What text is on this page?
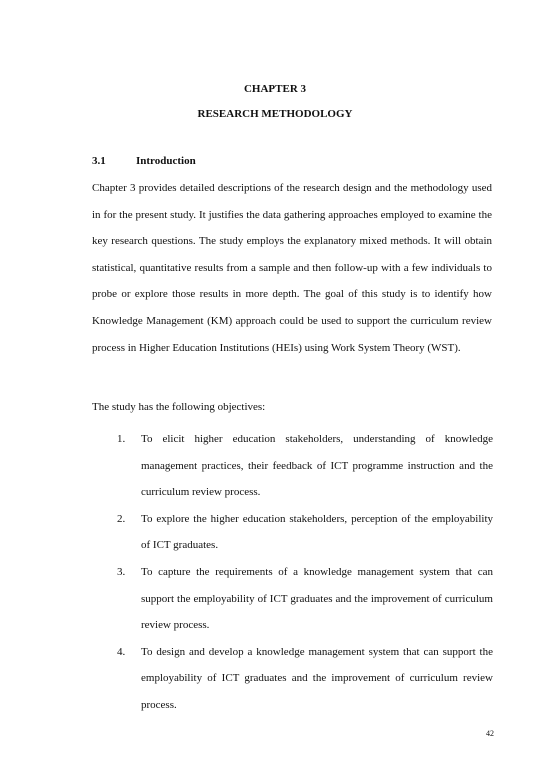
CHAPTER 3
RESEARCH METHODOLOGY
3.1	Introduction

Chapter 3 provides detailed descriptions of the research design and the methodology used in for the present study. It justifies the data gathering approaches employed to examine the key research questions. The study employs the explanatory mixed methods. It will obtain statistical, quantitative results from a sample and then follow-up with a few individuals to probe or explore those results in more depth. The goal of this study is to identify how Knowledge Management (KM) approach could be used to support the curriculum review process in Higher Education Institutions (HEIs) using Work System Theory (WST).

The study has the following objectives:

1. To elicit higher education stakeholders, understanding of knowledge management practices, their feedback of ICT programme instruction and the curriculum review process.
2. To explore the higher education stakeholders, perception of the employability of ICT graduates.
3. To capture the requirements of a knowledge management system that can support the employability of ICT graduates and the improvement of curriculum review process.
4. To design and develop a knowledge management system that can support the employability of ICT graduates and the improvement of curriculum review process.
42
